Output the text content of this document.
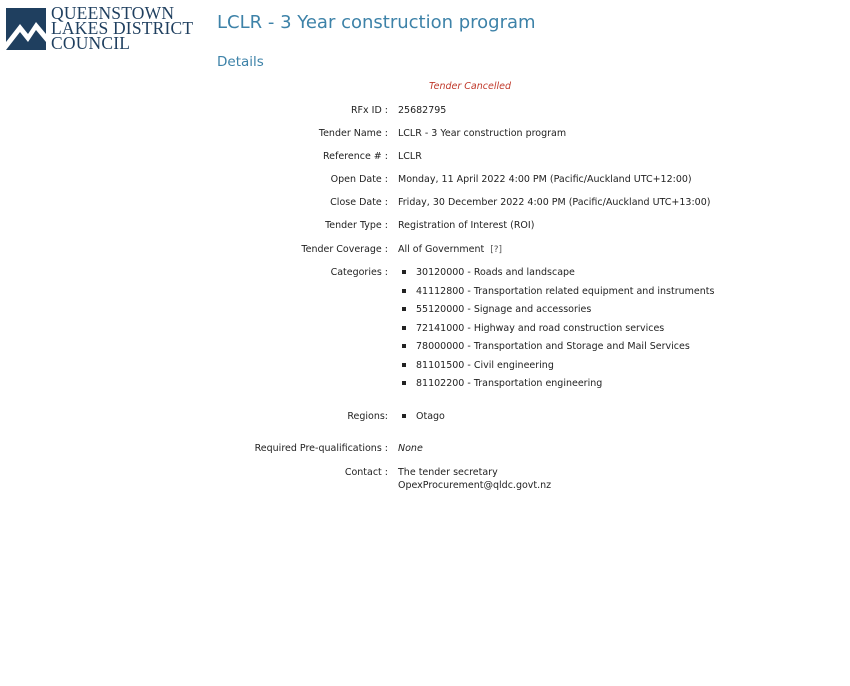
QUEENSTOWN
LAKES DISTRICT
COUNCIL
LCLR - 3 Year construction program
Details
Tender Cancelled
RFx ID : 25682795
Tender Name : LCLR - 3 Year construction program
Reference # : LCLR
Open Date : Monday, 11 April 2022 4:00 PM (Pacific/Auckland UTC+12:00)
Close Date : Friday, 30 December 2022 4:00 PM (Pacific/Auckland UTC+13:00)
Tender Type : Registration of Interest (ROI)
Tender Coverage : All of Government [?]
Categories :	30120000 - Roads and landscape
41112800 - Transportation related equipment and instruments
55120000 - Signage and accessories
72141000 - Highway and road construction services
78000000 - Transportation and Storage and Mail Services
81101500 - Civil engineering
81102200 - Transportation engineering
Regions:	Otago
Required Pre-qualifications : None
Contact : The tender secretary
OpexProcurement@qldc.govt.nz
